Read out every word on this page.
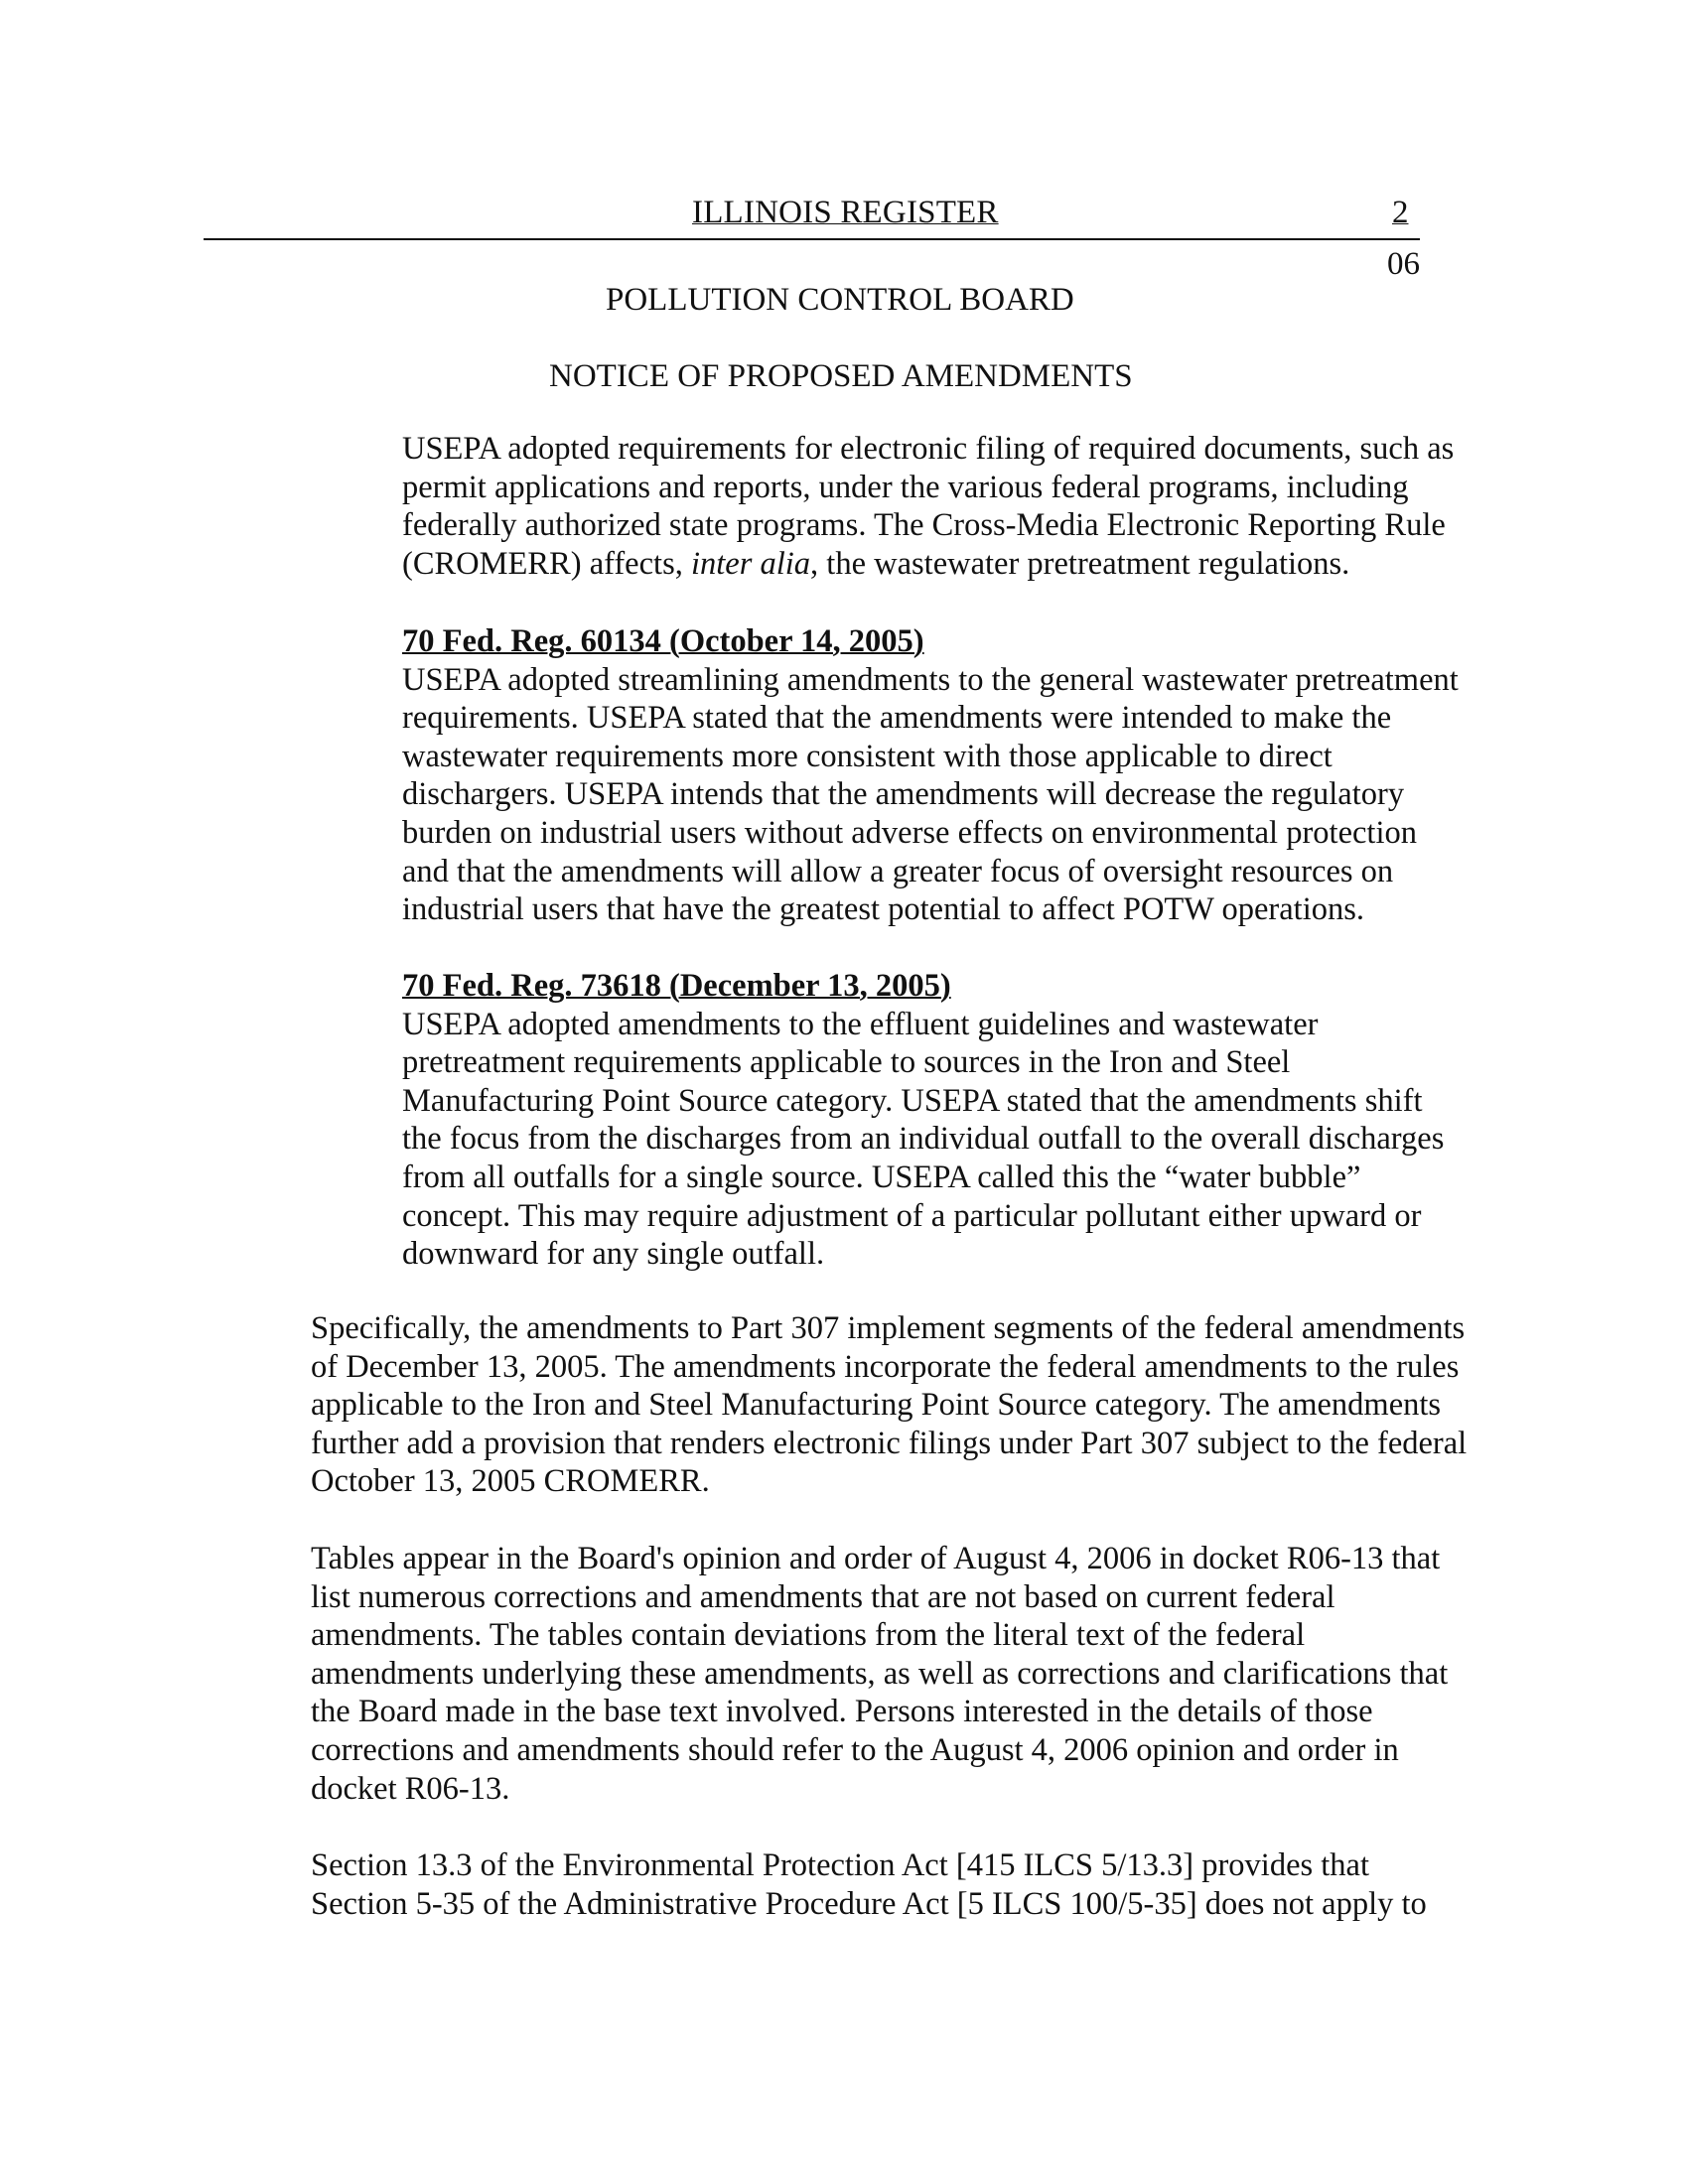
ILLINOIS REGISTER	2
06
POLLUTION CONTROL BOARD
NOTICE OF PROPOSED AMENDMENTS
USEPA adopted requirements for electronic filing of required documents, such as
permit applications and reports, under the various federal programs, including
federally authorized state programs. The Cross-Media Electronic Reporting Rule
(CROMERR) affects, inter alia, the wastewater pretreatment regulations.
70 Fed. Reg. 60134 (October 14, 2005)
USEPA adopted streamlining amendments to the general wastewater pretreatment
requirements. USEPA stated that the amendments were intended to make the
wastewater requirements more consistent with those applicable to direct
dischargers. USEPA intends that the amendments will decrease the regulatory
burden on industrial users without adverse effects on environmental protection
and that the amendments will allow a greater focus of oversight resources on
industrial users that have the greatest potential to affect POTW operations.
70 Fed. Reg. 73618 (December 13, 2005)
USEPA adopted amendments to the effluent guidelines and wastewater
pretreatment requirements applicable to sources in the Iron and Steel
Manufacturing Point Source category. USEPA stated that the amendments shift
the focus from the discharges from an individual outfall to the overall discharges
from all outfalls for a single source. USEPA called this the “water bubble”
concept. This may require adjustment of a particular pollutant either upward or
downward for any single outfall.
Specifically, the amendments to Part 307 implement segments of the federal amendments
of December 13, 2005. The amendments incorporate the federal amendments to the rules
applicable to the Iron and Steel Manufacturing Point Source category. The amendments
further add a provision that renders electronic filings under Part 307 subject to the federal
October 13, 2005 CROMERR.
Tables appear in the Board's opinion and order of August 4, 2006 in docket R06-13 that
list numerous corrections and amendments that are not based on current federal
amendments. The tables contain deviations from the literal text of the federal
amendments underlying these amendments, as well as corrections and clarifications that
the Board made in the base text involved. Persons interested in the details of those
corrections and amendments should refer to the August 4, 2006 opinion and order in
docket R06-13.
Section 13.3 of the Environmental Protection Act [415 ILCS 5/13.3] provides that
Section 5-35 of the Administrative Procedure Act [5 ILCS 100/5-35] does not apply to
